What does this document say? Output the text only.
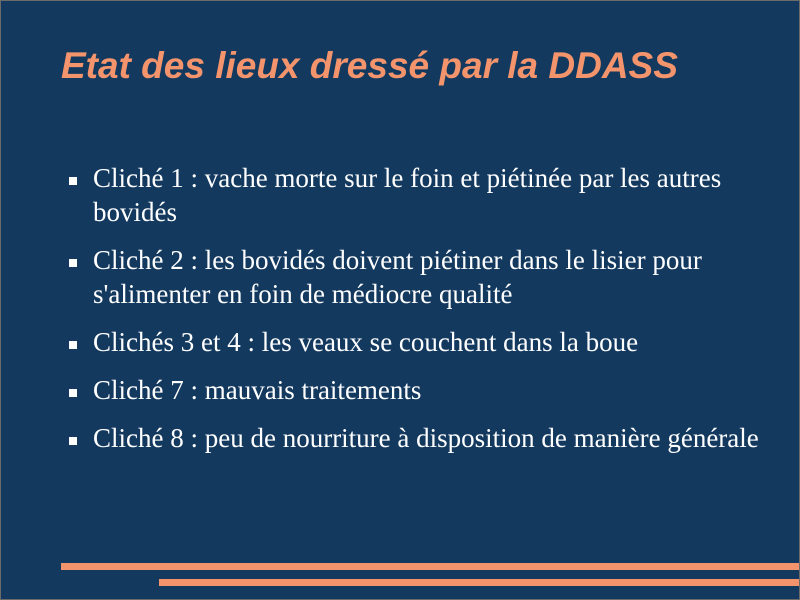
Etat des lieux dressé par la DDASS
Cliché 1 : vache morte sur le foin et piétinée par les autres bovidés
Cliché 2 : les bovidés doivent piétiner dans le lisier pour s'alimenter en foin de médiocre qualité
Clichés 3 et 4 : les veaux se couchent dans la boue
Cliché 7 : mauvais traitements
Cliché 8 : peu de nourriture à disposition de manière générale
